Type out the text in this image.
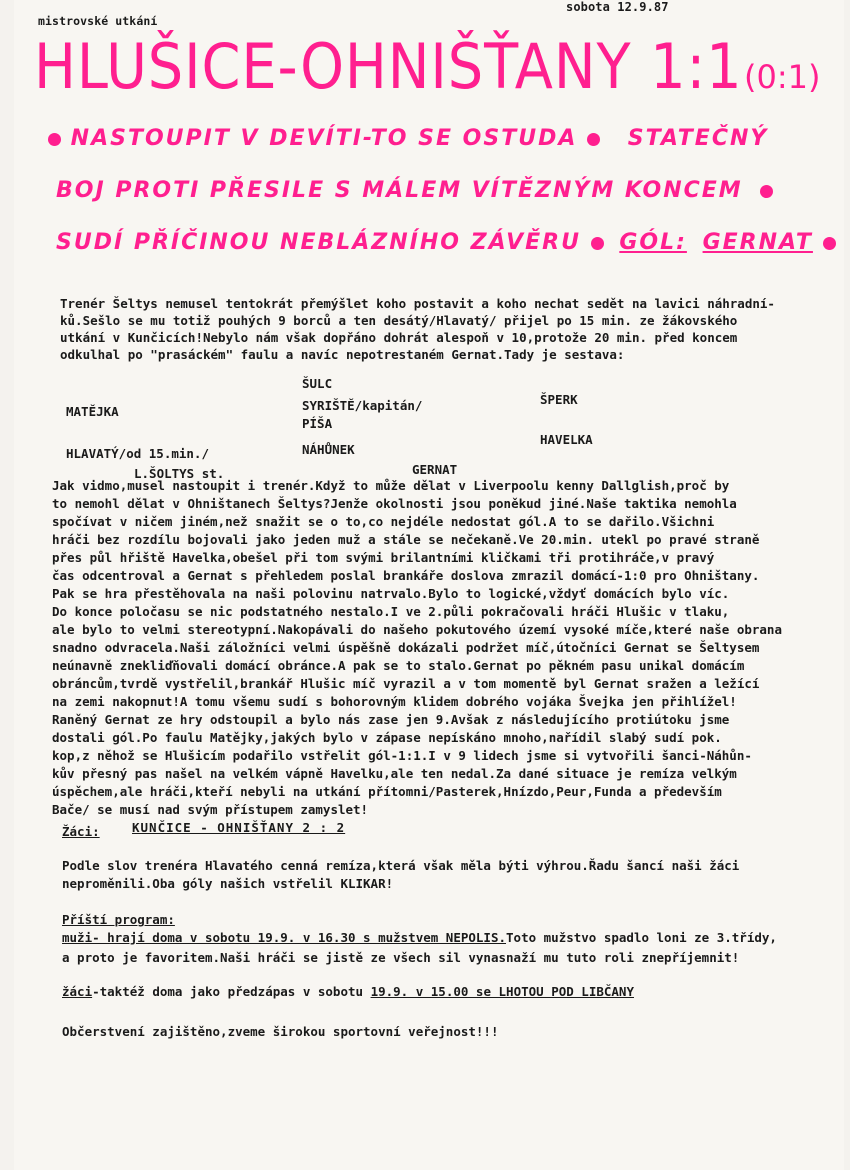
mistrovské utkání
sobota 12.9.87
HLUŠICE-OHNIŠŤANY 1:1 (0:1)
NASTOUPIT V DEVÍTI-TO SE OSTUDA STATEČNÝ
BOJ PROTI PŘESILE S MÁLEM VÍTĚZNÝM KONCEM
SUDÍ PŘÍČINOU NEBLÁZNÍHO ZÁVĚRU GÓL: GERNAT
Trenér Šeltys nemusel tentokrát přemýšlet koho postavit a koho nechat sedět na lavici náhradní-
ků.Sešlo se mu totiž pouhých 9 borců a ten desátý/Hlavatý/ přijel po 15 min. ze žákovského
utkání v Kunčicích!Nebylo nám však dopřáno dohrát alespoň v 10,protože 20 min. před koncem
odkulhal po "prasáckém" faulu a navíc nepotrestaném Gernat.Tady je sestava:
ŠULC
MATĚJKA	SYRIŠTĚ/kapitán/	ŠPERK
PÍŠA
HLAVATÝ/od 15.min./	NÁHŮNEK
HAVELKA
L.ŠOLTYS st.	GERNAT
Jak vidmo,musel nastoupit i trenér.Když to může dělat v Liverpoolu kenny Dallglish,proč by
to nemohl dělat v Ohništanech Šeltys?Jenže okolnosti jsou poněkud jiné.Naše taktika nemohla
spočívat v ničem jiném,než snažit se o to,co nejdéle nedostat gól.A to se dařilo.Všichni
hráči bez rozdílu bojovali jako jeden muž a stále se nečekaně.Ve 20.min. utekl po pravé straně
přes půl hřiště Havelka,obešel při tom svými brilantními kličkami tři protihráče,v pravý
čas odcentroval a Gernat s přehledem poslal brankáře doslova zmrazil domácí-1:0 pro Ohništany.
Pak se hra přestěhovala na naši polovinu natrvalo.Bylo to logické,vždyť domácích bylo víc.
Do konce poločasu se nic podstatného nestalo.I ve 2.půli pokračovali hráči Hlušic v tlaku,
ale bylo to velmi stereotypní.Nakopávali do našeho pokutového území vysoké míče,které naše obrana
snadno odvracela.Naši záložníci velmi úspěšně dokázali podržet míč,útočníci Gernat se Šeltysem
neúnavně znekliďňovali domácí obránce.A pak se to stalo.Gernat po pěkném pasu unikal domácím
obráncům,tvrdě vystřelil,brankář Hlušic míč vyrazil a v tom momentě byl Gernat sražen a ležící
na zemi nakopnut!A tomu všemu sudí s bohorovným klidem dobrého vojáka Švejka jen přihlížel!
Raněný Gernat ze hry odstoupil a bylo nás zase jen 9.Avšak z následujícího protiútoku jsme
dostali gól.Po faulu Matějky,jakých bylo v zápase nepískáno mnoho,nařídil slabý sudí pok.
kop,z něhož se Hlušicím podařilo vstřelit gól-1:1.I v 9 lidech jsme si vytvořili šanci-Náhůn-
kův přesný pas našel na velkém vápně Havelku,ale ten nedal.Za dané situace je remíza velkým
úspěchem,ale hráči,kteří nebyli na utkání přítomni/Pasterek,Hnízdo,Peur,Funda a především
Bače/ se musí nad svým přístupem zamyslet!
Žáci:	KUNČICE - OHNIŠŤANY 2 : 2
Podle slov trenéra Hlavatého cenná remíza,která však měla býti výhrou.Řadu šancí naši žáci
neproměnili.Oba góly našich vstřelil KLIKAR!
Příští program:
muži- hrají doma v sobotu 19.9. v 16.30 s mužstvem NEPOLIS.Toto mužstvo spadlo loni ze 3.třídy,
a proto je favoritem.Naši hráči se jistě ze všech sil vynasnaží mu tuto roli znepříjemnit!
žáci-taktéž doma jako předzápas v sobotu 19.9. v 15.00 se LHOTOU POD LIBČANY
Občerstvení zajištěno,zveme širokou sportovní veřejnost!!!
